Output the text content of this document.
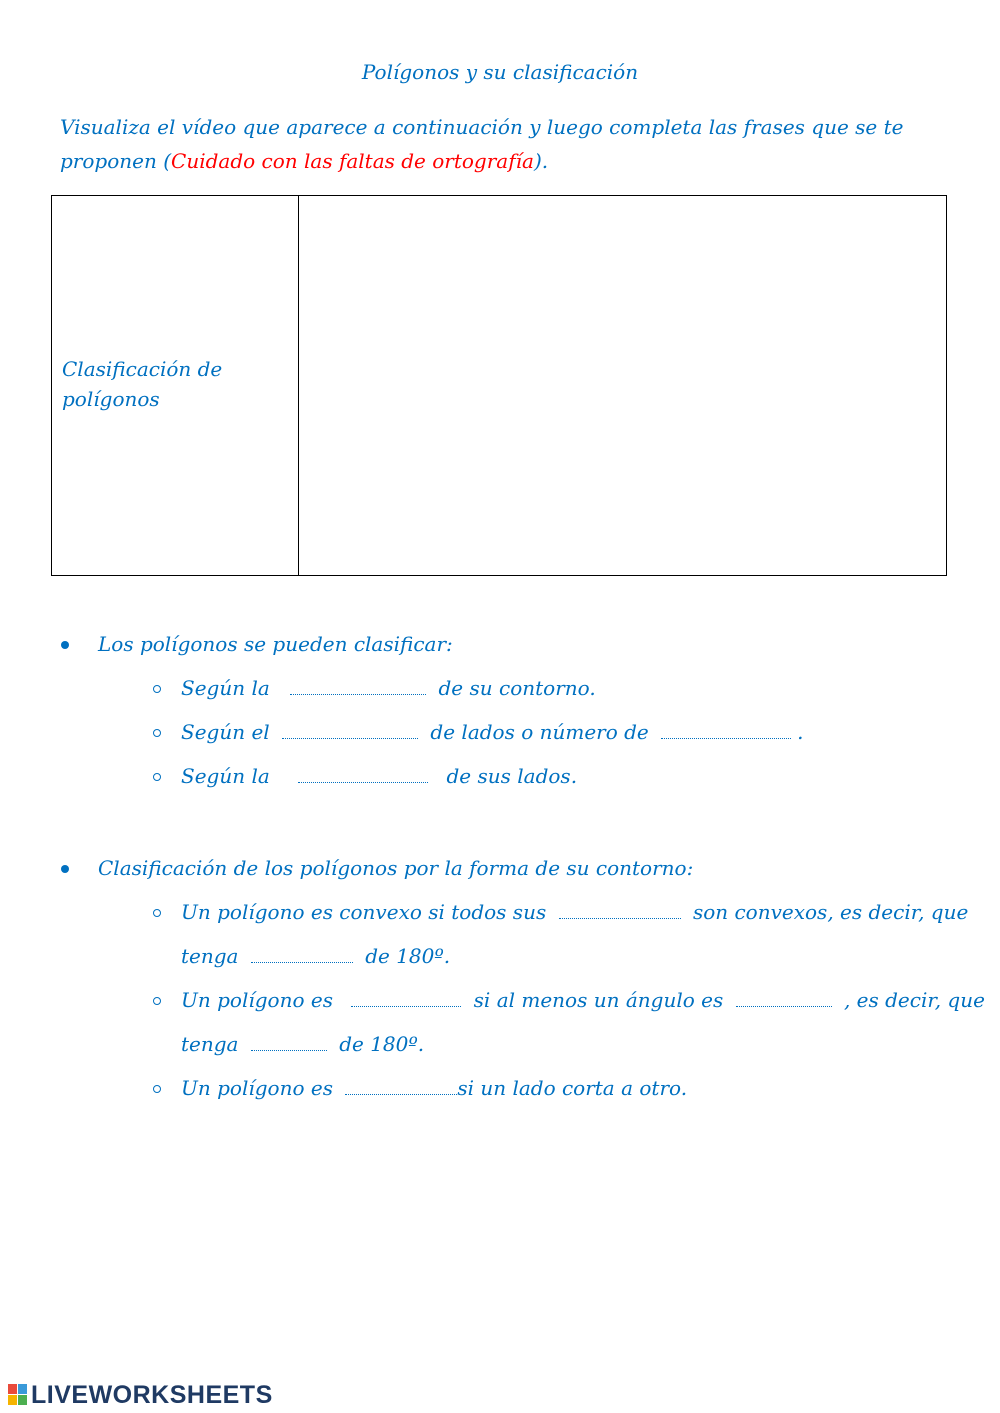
Polígonos y su clasificación
Visualiza el vídeo que aparece a continuación y luego completa las frases que se te proponen (Cuidado con las faltas de ortografía).
Clasificación de polígonos
Los polígonos se pueden clasificar:
Según la	de su contorno.
Según el	de lados o número de	.
Según la	de sus lados.
Clasificación de los polígonos por la forma de su contorno:
Un polígono es convexo si todos sus	son convexos, es decir, que
tenga	de 180º.
Un polígono es	si al menos un ángulo es	, es decir, que
tenga	de 180º.
Un polígono es	si un lado corta a otro.
LIVEWORKSHEETS
